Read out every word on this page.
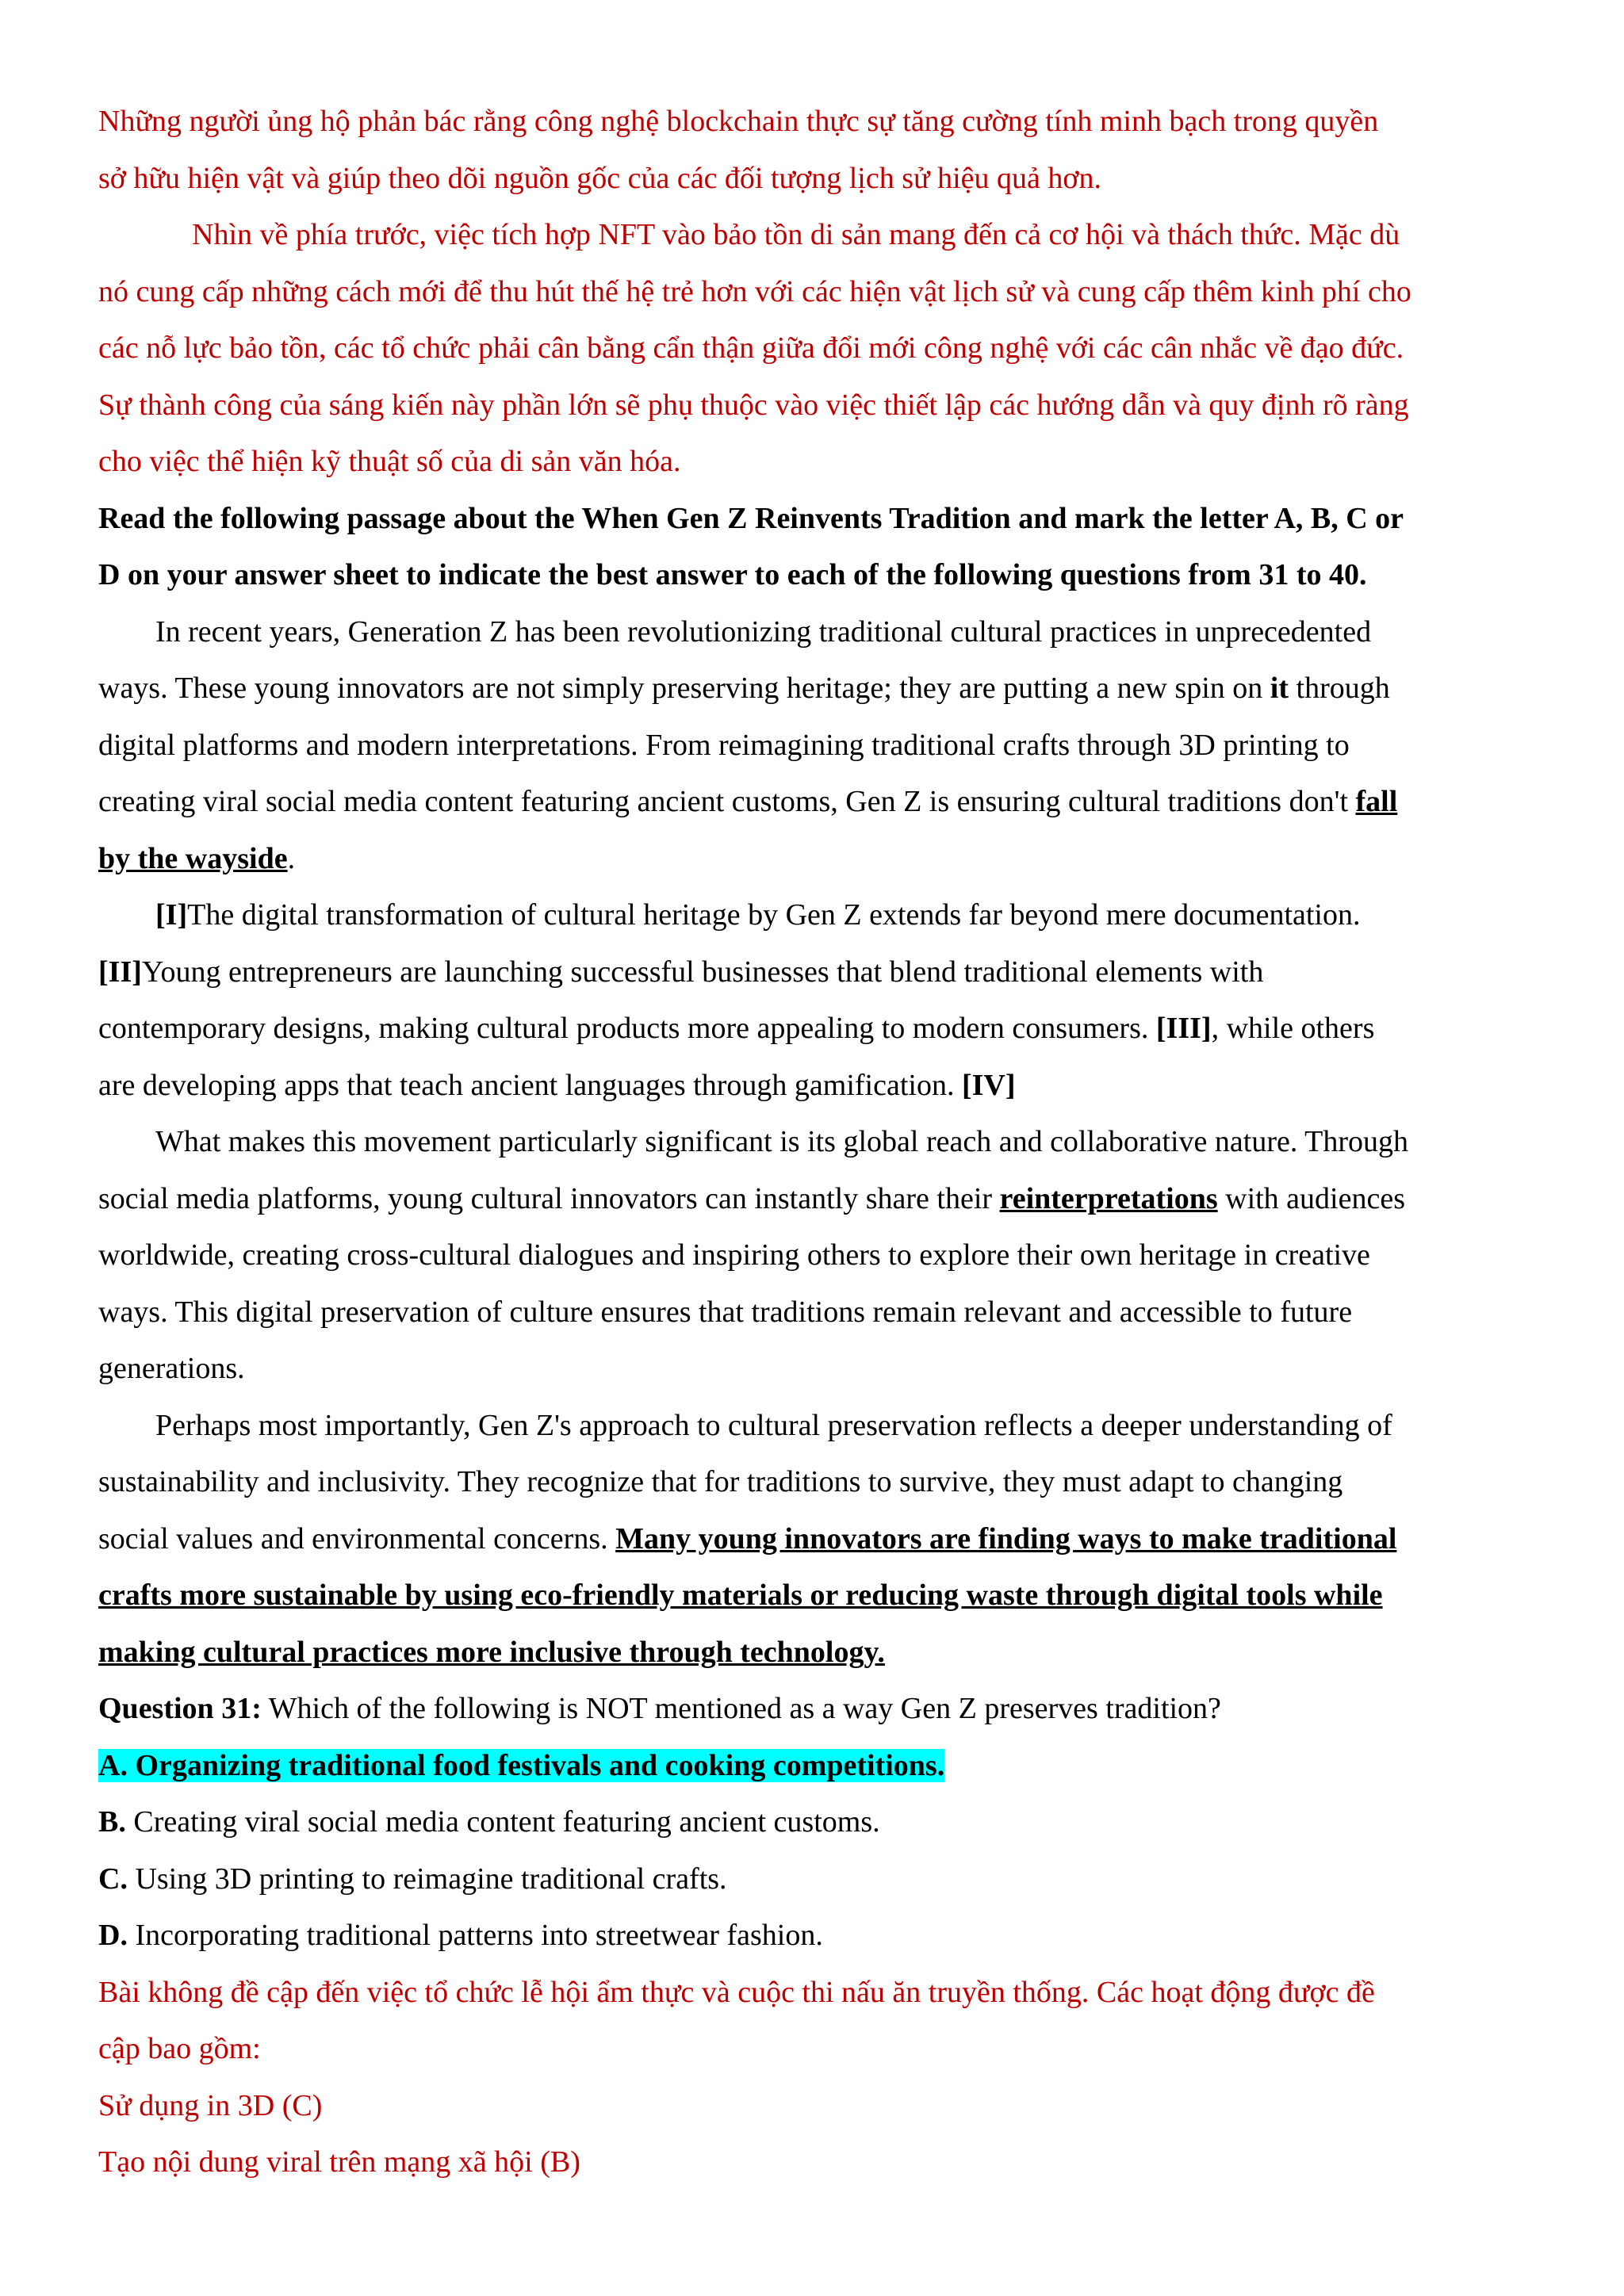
Những người ủng hộ phản bác rằng công nghệ blockchain thực sự tăng cường tính minh bạch trong quyền
sở hữu hiện vật và giúp theo dõi nguồn gốc của các đối tượng lịch sử hiệu quả hơn.
Nhìn về phía trước, việc tích hợp NFT vào bảo tồn di sản mang đến cả cơ hội và thách thức. Mặc dù
nó cung cấp những cách mới để thu hút thế hệ trẻ hơn với các hiện vật lịch sử và cung cấp thêm kinh phí cho
các nỗ lực bảo tồn, các tổ chức phải cân bằng cẩn thận giữa đổi mới công nghệ với các cân nhắc về đạo đức.
Sự thành công của sáng kiến này phần lớn sẽ phụ thuộc vào việc thiết lập các hướng dẫn và quy định rõ ràng
cho việc thể hiện kỹ thuật số của di sản văn hóa.
Read the following passage about the When Gen Z Reinvents Tradition and mark the letter A, B, C or
D on your answer sheet to indicate the best answer to each of the following questions from 31 to 40.
In recent years, Generation Z has been revolutionizing traditional cultural practices in unprecedented
ways. These young innovators are not simply preserving heritage; they are putting a new spin on it through
digital platforms and modern interpretations. From reimagining traditional crafts through 3D printing to
creating viral social media content featuring ancient customs, Gen Z is ensuring cultural traditions don't fall
by the wayside.
[I]The digital transformation of cultural heritage by Gen Z extends far beyond mere documentation.
[II]Young entrepreneurs are launching successful businesses that blend traditional elements with
contemporary designs, making cultural products more appealing to modern consumers. [III], while others
are developing apps that teach ancient languages through gamification. [IV]
What makes this movement particularly significant is its global reach and collaborative nature. Through
social media platforms, young cultural innovators can instantly share their reinterpretations with audiences
worldwide, creating cross-cultural dialogues and inspiring others to explore their own heritage in creative
ways. This digital preservation of culture ensures that traditions remain relevant and accessible to future
generations.
Perhaps most importantly, Gen Z's approach to cultural preservation reflects a deeper understanding of
sustainability and inclusivity. They recognize that for traditions to survive, they must adapt to changing
social values and environmental concerns. Many young innovators are finding ways to make traditional
crafts more sustainable by using eco-friendly materials or reducing waste through digital tools while
making cultural practices more inclusive through technology.
Question 31: Which of the following is NOT mentioned as a way Gen Z preserves tradition?
A. Organizing traditional food festivals and cooking competitions.
B. Creating viral social media content featuring ancient customs.
C. Using 3D printing to reimagine traditional crafts.
D. Incorporating traditional patterns into streetwear fashion.
Bài không đề cập đến việc tổ chức lễ hội ẩm thực và cuộc thi nấu ăn truyền thống. Các hoạt động được đề
cập bao gồm:
Sử dụng in 3D (C)
Tạo nội dung viral trên mạng xã hội (B)
